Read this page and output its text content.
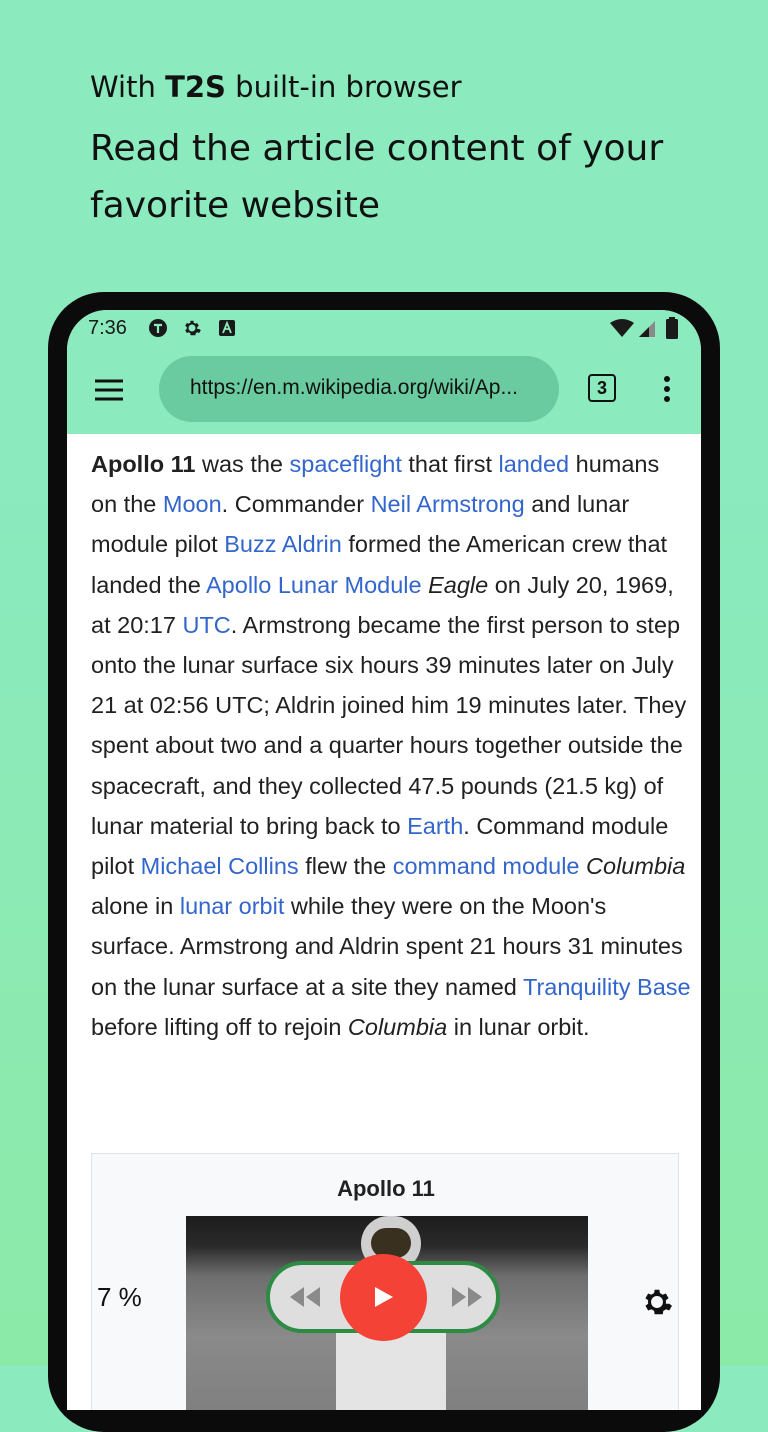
With T2S built-in browser
Read the article content of your favorite website
7:36
https://en.m.wikipedia.org/wiki/Ap...	3

Apollo 11 was the spaceflight that first landed humans on the Moon. Commander Neil Armstrong and lunar module pilot Buzz Aldrin formed the American crew that landed the Apollo Lunar Module Eagle on July 20, 1969, at 20:17 UTC. Armstrong became the first person to step onto the lunar surface six hours 39 minutes later on July 21 at 02:56 UTC; Aldrin joined him 19 minutes later. They spent about two and a quarter hours together outside the spacecraft, and they collected 47.5 pounds (21.5 kg) of lunar material to bring back to Earth. Command module pilot Michael Collins flew the command module Columbia alone in lunar orbit while they were on the Moon's surface. Armstrong and Aldrin spent 21 hours 31 minutes on the lunar surface at a site they named Tranquility Base before lifting off to rejoin Columbia in lunar orbit.

Apollo 11
7 %
